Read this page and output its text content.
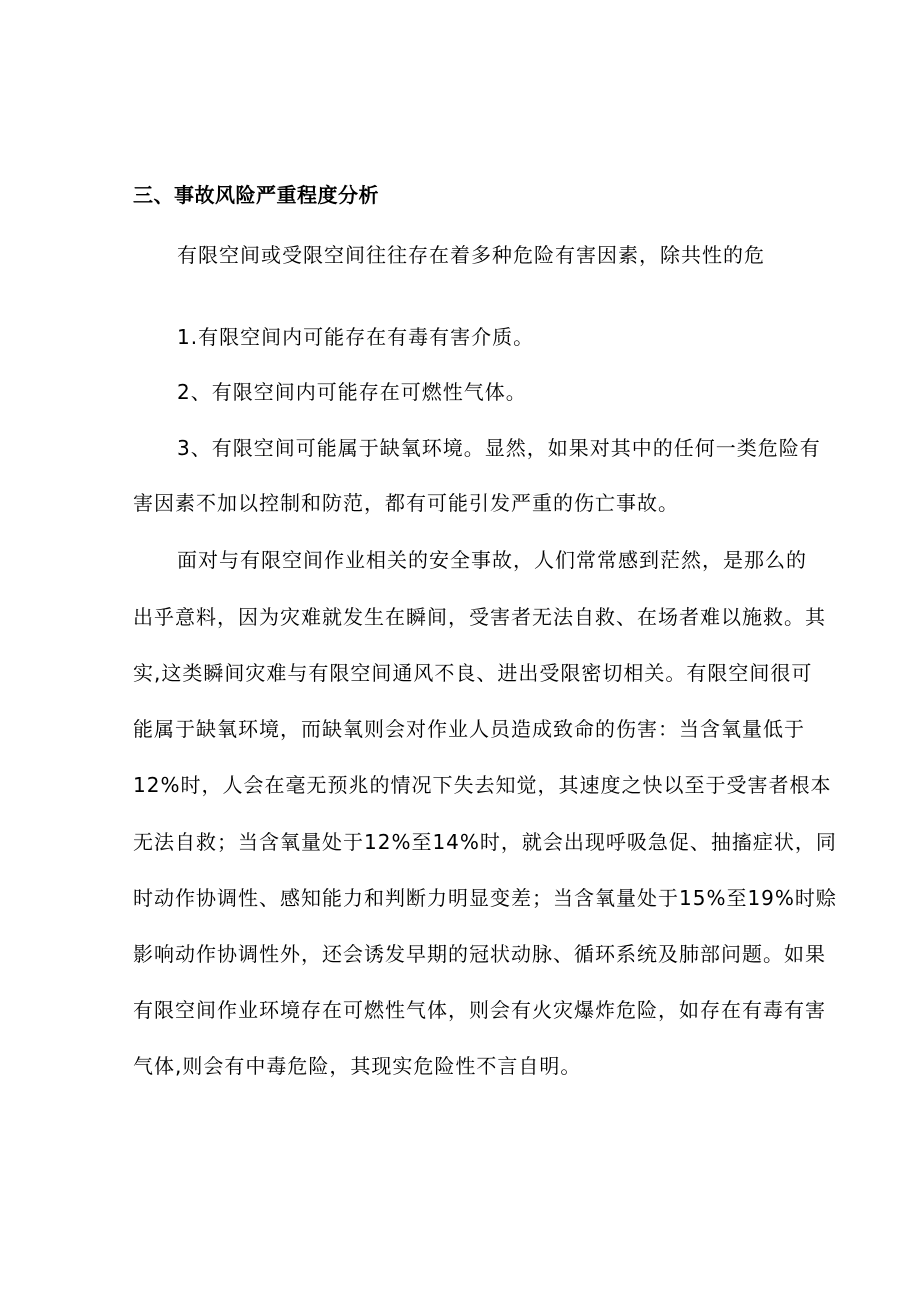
三、事故风险严重程度分析
有限空间或受限空间往往存在着多种危险有害因素，除共性的危
1.有限空间内可能存在有毒有害介质。
2、有限空间内可能存在可燃性气体。
3、有限空间可能属于缺氧环境。显然，如果对其中的任何一类危险有
害因素不加以控制和防范，都有可能引发严重的伤亡事故。
面对与有限空间作业相关的安全事故，人们常常感到茫然，是那么的
出乎意料，因为灾难就发生在瞬间，受害者无法自救、在场者难以施救。其
实,这类瞬间灾难与有限空间通风不良、进出受限密切相关。有限空间很可
能属于缺氧环境，而缺氧则会对作业人员造成致命的伤害：当含氧量低于
12%时，人会在毫无预兆的情况下失去知觉，其速度之快以至于受害者根本
无法自救；当含氧量处于12%至14%时，就会出现呼吸急促、抽搐症状，同
时动作协调性、感知能力和判断力明显变差；当含氧量处于15%至19%时赊
影响动作协调性外，还会诱发早期的冠状动脉、循环系统及肺部问题。如果
有限空间作业环境存在可燃性气体，则会有火灾爆炸危险，如存在有毒有害
气体,则会有中毒危险，其现实危险性不言自明。
